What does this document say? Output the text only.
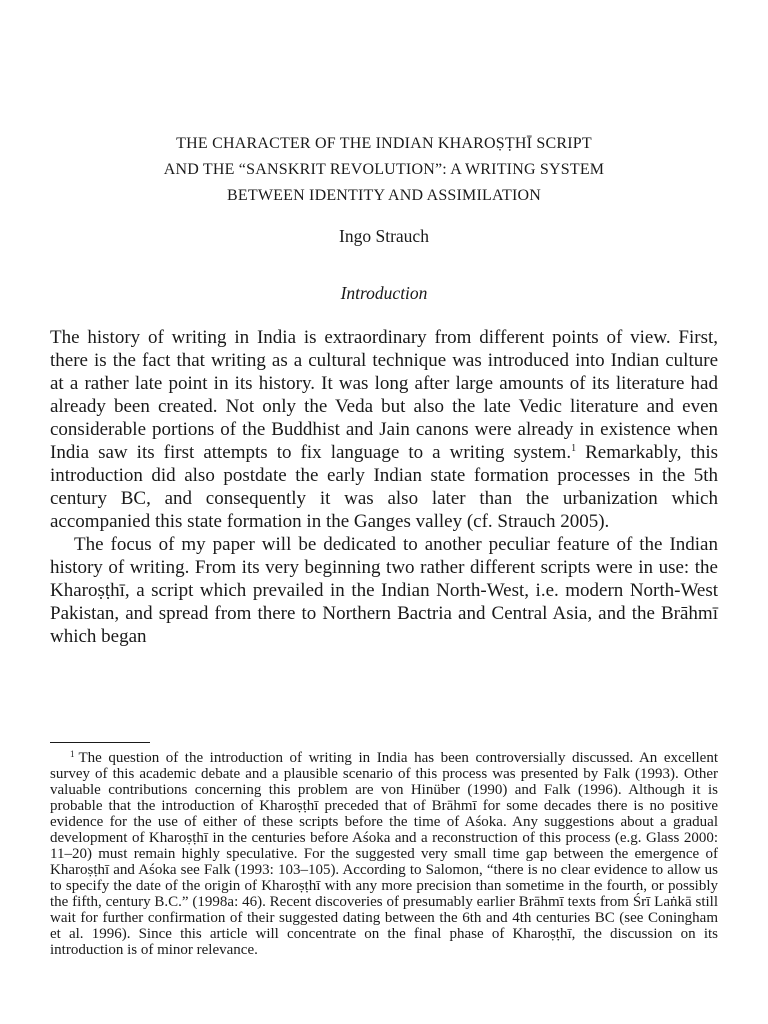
THE CHARACTER OF THE INDIAN KHAROṢṬHĪ SCRIPT
AND THE “SANSKRIT REVOLUTION”: A WRITING SYSTEM
BETWEEN IDENTITY AND ASSIMILATION
Ingo Strauch
Introduction

The history of writing in India is extraordinary from different points of view. First, there is the fact that writing as a cultural technique was introduced into Indian culture at a rather late point in its history. It was long after large amounts of its literature had already been created. Not only the Veda but also the late Vedic literature and even considerable portions of the Buddhist and Jain canons were already in existence when India saw its first attempts to fix language to a writing system.$^1$ Remarkably, this introduction did also postdate the early Indian state formation processes in the 5th century BC, and consequently it was also later than the urbanization which accompanied this state formation in the Ganges valley (cf. Strauch 2005).

The focus of my paper will be dedicated to another peculiar feature of the Indian history of writing. From its very beginning two rather different scripts were in use: the Kharoṣṭhī, a script which prevailed in the Indian North-West, i.e. modern North-West Pakistan, and spread from there to Northern Bactria and Central Asia, and the Brāhmī which began

$^1$ The question of the introduction of writing in India has been controversially discussed. An excellent survey of this academic debate and a plausible scenario of this process was presented by Falk (1993). Other valuable contributions concerning this problem are von Hinüber (1990) and Falk (1996). Although it is probable that the introduction of Kharoṣṭhī preceded that of Brāhmī for some decades there is no positive evidence for the use of either of these scripts before the time of Aśoka. Any suggestions about a gradual development of Kharoṣṭhī in the centuries before Aśoka and a reconstruction of this process (e.g. Glass 2000: 11–20) must remain highly speculative. For the suggested very small time gap between the emergence of Kharoṣṭhī and Aśoka see Falk (1993: 103–105). According to Salomon, “there is no clear evidence to allow us to specify the date of the origin of Kharoṣṭhī with any more precision than sometime in the fourth, or possibly the fifth, century B.C.” (1998a: 46). Recent discoveries of presumably earlier Brāhmī texts from Śrī Laṅkā still wait for further confirmation of their suggested dating between the 6th and 4th centuries BC (see Coningham et al. 1996). Since this article will concentrate on the final phase of Kharoṣṭhī, the discussion on its introduction is of minor relevance.
